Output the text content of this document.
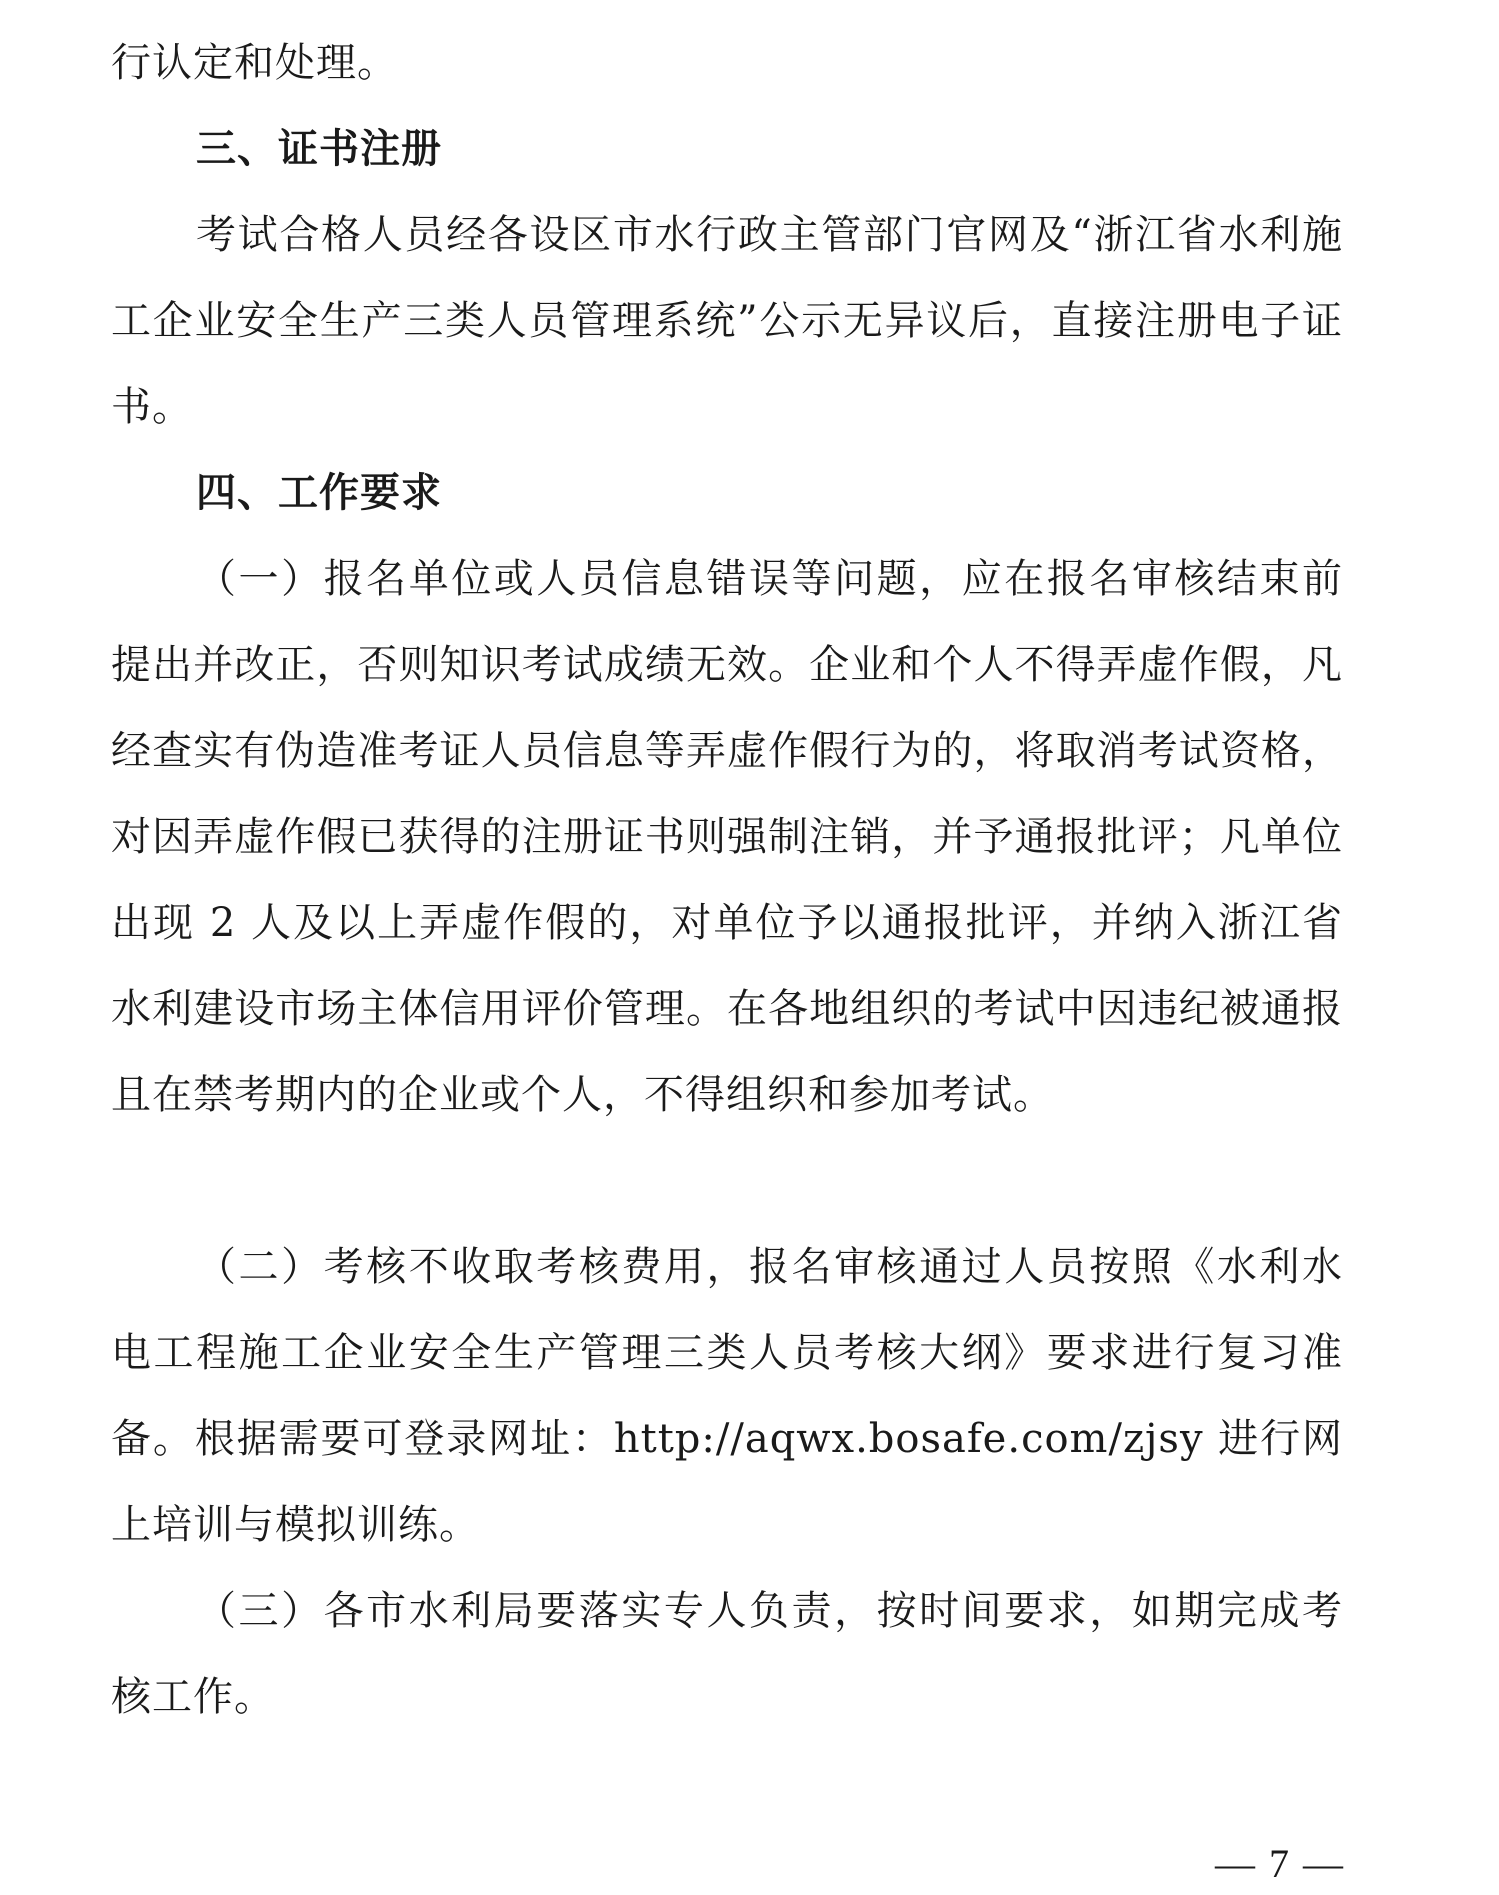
行认定和处理。

三、证书注册

考试合格人员经各设区市水行政主管部门官网及“浙江省水利施工企业安全生产三类人员管理系统”公示无异议后，直接注册电子证书。

四、工作要求

（一）报名单位或人员信息错误等问题，应在报名审核结束前提出并改正，否则知识考试成绩无效。企业和个人不得弄虚作假，凡经查实有伪造准考证人员信息等弄虚作假行为的，将取消考试资格，对因弄虚作假已获得的注册证书则强制注销，并予通报批评；凡单位出现 2 人及以上弄虚作假的，对单位予以通报批评，并纳入浙江省水利建设市场主体信用评价管理。在各地组织的考试中因违纪被通报且在禁考期内的企业或个人，不得组织和参加考试。

（二）考核不收取考核费用，报名审核通过人员按照《水利水电工程施工企业安全生产管理三类人员考核大纲》要求进行复习准备。根据需要可登录网址：http://aqwx.bosafe.com/zjsy 进行网上培训与模拟训练。

（三）各市水利局要落实专人负责，按时间要求，如期完成考核工作。

— 7 —
